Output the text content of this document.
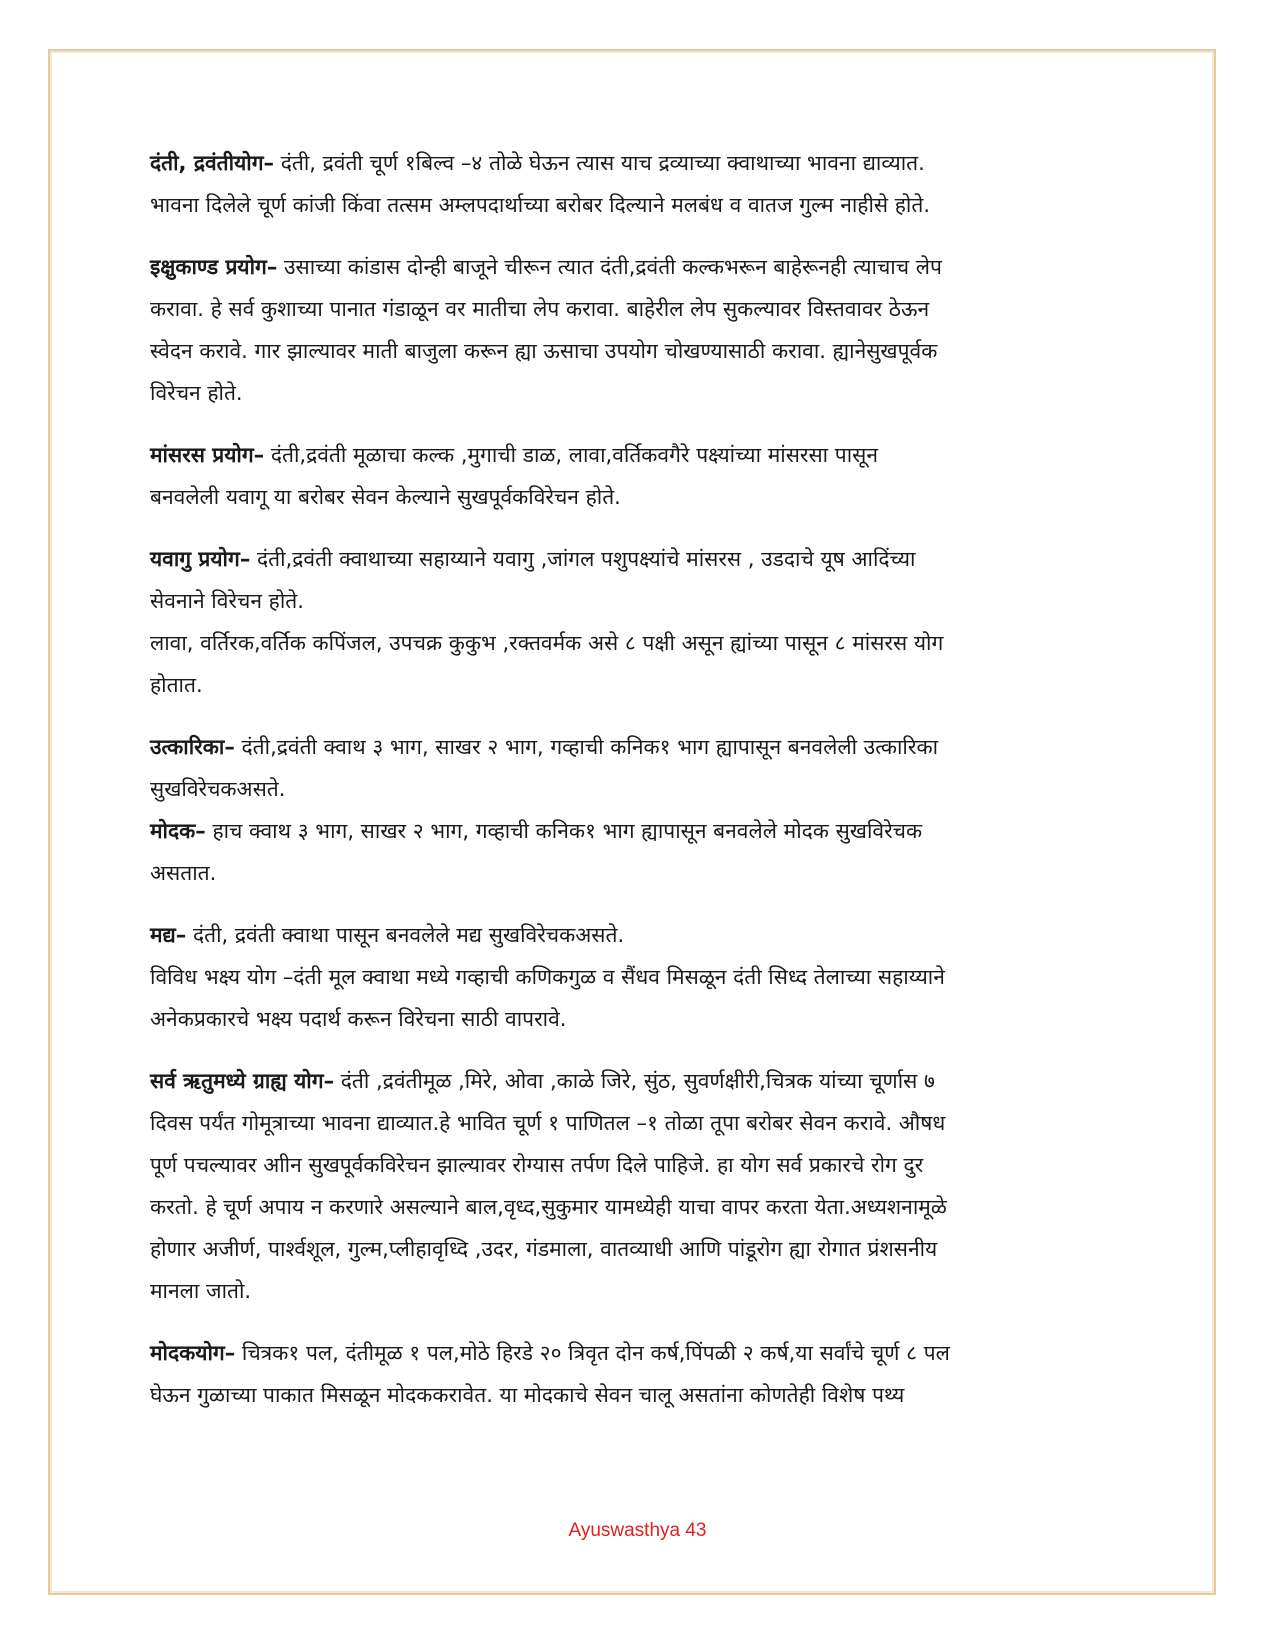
दंती, द्रवंतीयोग– दंती, द्रवंती चूर्ण १बिल्व –४ तोळे घेऊन त्यास याच द्रव्याच्या क्वाथाच्या भावना द्याव्यात.
भावना दिलेले चूर्ण कांजी किंवा तत्सम अम्लपदार्थाच्या बरोबर दिल्याने मलबंध व वातज गुल्म नाहीसे होते.
इक्षुकाण्ड प्रयोग– उसाच्या कांडास दोन्ही बाजूने चीरून त्यात दंती,द्रवंती कल्कभरून बाहेरूनही त्याचाच लेप
करावा. हे सर्व कुशाच्या पानात गंडाळून वर मातीचा लेप करावा. बाहेरील लेप सुकल्यावर विस्तवावर ठेऊन
स्वेदन करावे. गार झाल्यावर माती बाजुला करून ह्या ऊसाचा उपयोग चोखण्यासाठी करावा. ह्यानेसुखपूर्वक
विरेचन होते.
मांसरस प्रयोग– दंती,द्रवंती मूळाचा कल्क ,मुगाची डाळ, लावा,वर्तिकवगैरे पक्ष्यांच्या मांसरसा पासून
बनवलेली यवागू या बरोबर सेवन केल्याने सुखपूर्वकविरेचन होते.
यवागु प्रयोग– दंती,द्रवंती क्वाथाच्या सहाय्याने यवागु ,जांगल पशुपक्ष्यांचे मांसरस , उडदाचे यूष आदिंच्या
सेवनाने विरेचन होते.
लावा, वर्तिरक,वर्तिक कपिंजल, उपचक्र कुकुभ ,रक्तवर्मक असे ८ पक्षी असून ह्यांच्या पासून ८ मांसरस योग
होतात.
उत्कारिका– दंती,द्रवंती क्वाथ ३ भाग, साखर २ भाग, गव्हाची कनिक१ भाग ह्यापासून बनवलेली उत्कारिका
सुखविरेचकअसते.
मोदक– हाच क्वाथ ३ भाग, साखर २ भाग, गव्हाची कनिक१ भाग ह्यापासून बनवलेले मोदक सुखविरेचक
असतात.
मद्य– दंती, द्रवंती क्वाथा पासून बनवलेले मद्य सुखविरेचकअसते.
विविध भक्ष्य योग –दंती मूल क्वाथा मध्ये गव्हाची कणिकगुळ व सैंधव मिसळून दंती सिध्द तेलाच्या सहाय्याने
अनेकप्रकारचे भक्ष्य पदार्थ करून विरेचना साठी वापरावे.
सर्व ऋतुमध्ये ग्राह्य योग– दंती ,द्रवंतीमूळ ,मिरे, ओवा ,काळे जिरे, सुंठ, सुवर्णक्षीरी,चित्रक यांच्या चूर्णास ७
दिवस पर्यंत गोमूत्राच्या भावना द्याव्यात.हे भावित चूर्ण १ पाणितल –१ तोळा तूपा बरोबर सेवन करावे. औषध
पूर्ण पचल्यावर आीन सुखपूर्वकविरेचन झाल्यावर रोग्यास तर्पण दिले पाहिजे. हा योग सर्व प्रकारचे रोग दुर
करतो. हे चूर्ण अपाय न करणारे असल्याने बाल,वृध्द,सुकुमार यामध्येही याचा वापर करता येता.अध्यशनामूळे
होणार अजीर्ण, पार्श्वशूल, गुल्म,प्लीहावृध्दि ,उदर, गंडमाला, वातव्याधी आणि पांडूरोग ह्या रोगात प्रंशसनीय
मानला जातो.
मोदकयोग– चित्रक१ पल, दंतीमूळ १ पल,मोठे हिरडे २० त्रिवृत दोन कर्ष,पिंपळी २ कर्ष,या सर्वांचे चूर्ण ८ पल
घेऊन गुळाच्या पाकात मिसळून मोदककरावेत. या मोदकाचे सेवन चालू असतांना कोणतेही विशेष पथ्य
Ayuswasthya 43
